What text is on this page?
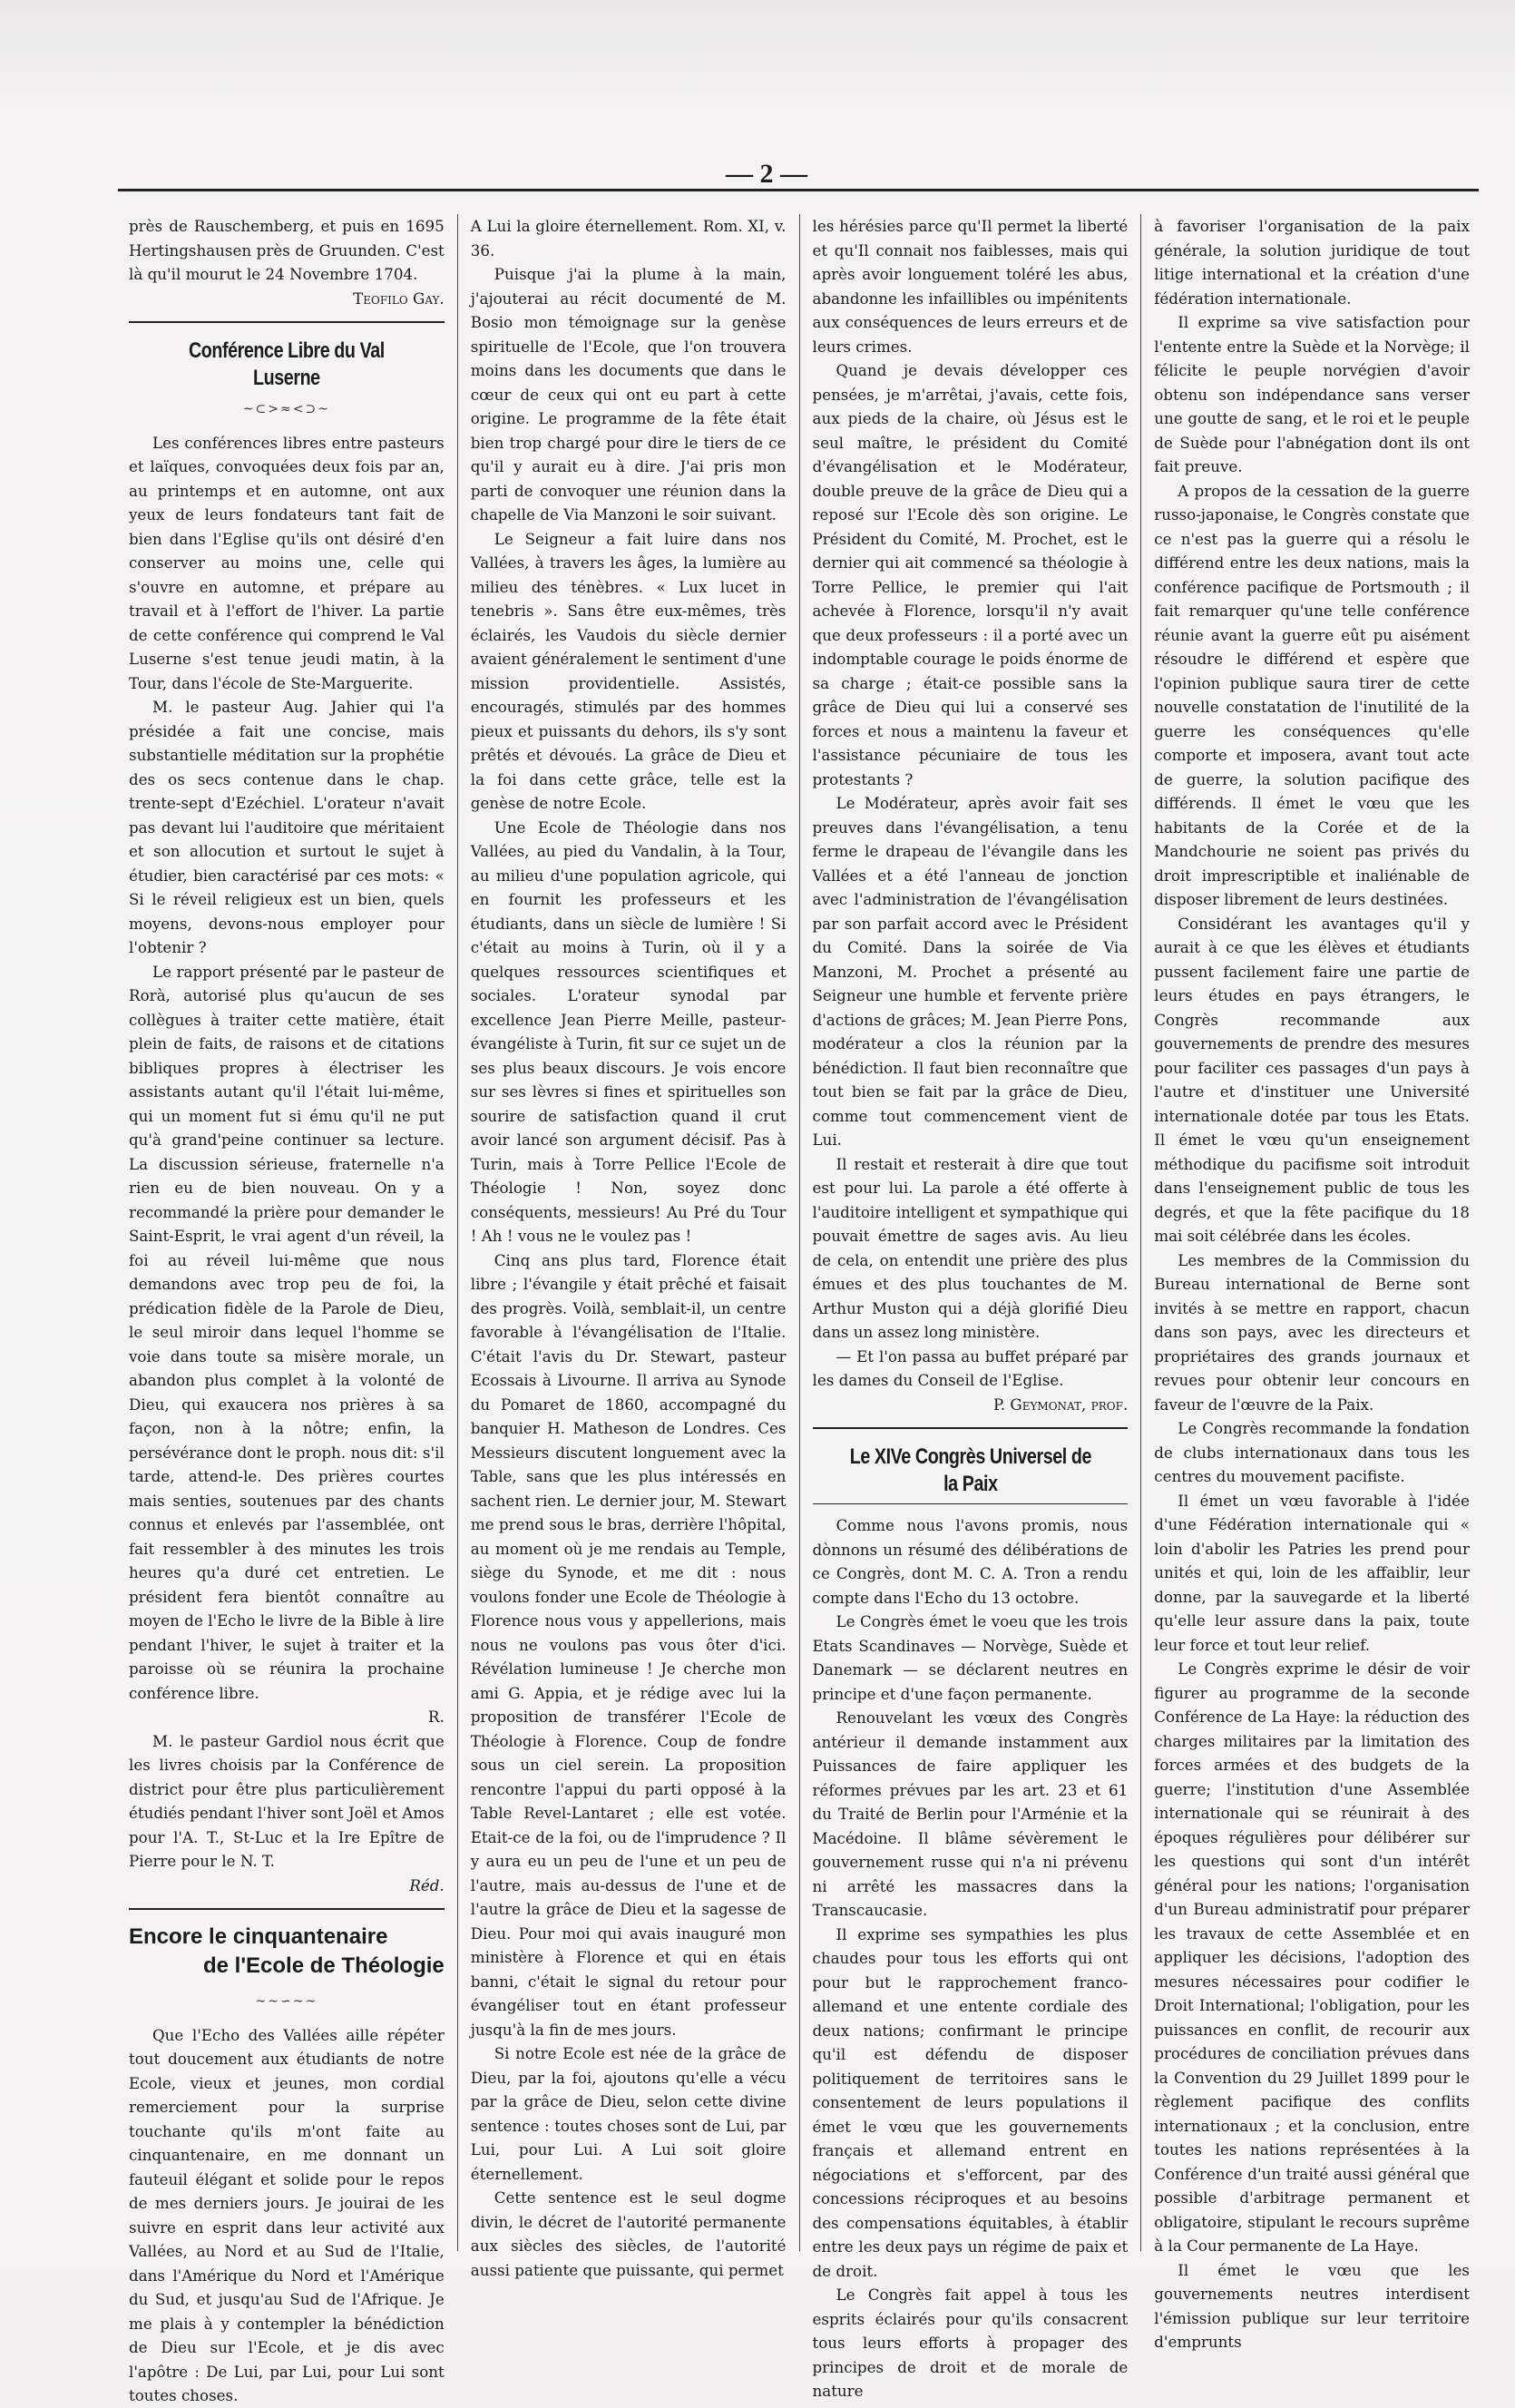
— 2 —

près de Rauschemberg, et puis en 1695 Hertingshausen près de Gruunden. C'est là qu'il mourut le 24 Novembre 1704.

Teofilo Gay.

Conférence Libre du Val Luserne
~⊂>≈<⊃~

Les conférences libres entre pasteurs et laïques, convoquées deux fois par an, au printemps et en automne, ont aux yeux de leurs fondateurs tant fait de bien dans l'Eglise qu'ils ont désiré d'en conserver au moins une, celle qui s'ouvre en automne, et prépare au travail et à l'effort de l'hiver. La partie de cette conférence qui comprend le Val Luserne s'est tenue jeudi matin, à la Tour, dans l'école de Ste-Marguerite.

M. le pasteur Aug. Jahier qui l'a présidée a fait une concise, mais substantielle méditation sur la prophétie des os secs contenue dans le chap. trente-sept d'Ezéchiel. L'orateur n'avait pas devant lui l'auditoire que méritaient et son allocution et surtout le sujet à étudier, bien caractérisé par ces mots: « Si le réveil religieux est un bien, quels moyens, devons-nous employer pour l'obtenir ?

Le rapport présenté par le pasteur de Rorà, autorisé plus qu'aucun de ses collègues à traiter cette matière, était plein de faits, de raisons et de citations bibliques propres à électriser les assistants autant qu'il l'était lui-même, qui un moment fut si ému qu'il ne put qu'à grand'peine continuer sa lecture. La discussion sérieuse, fraternelle n'a rien eu de bien nouveau. On y a recommandé la prière pour demander le Saint-Esprit, le vrai agent d'un réveil, la foi au réveil lui-même que nous demandons avec trop peu de foi, la prédication fidèle de la Parole de Dieu, le seul miroir dans lequel l'homme se voie dans toute sa misère morale, un abandon plus complet à la volonté de Dieu, qui exaucera nos prières à sa façon, non à la nôtre; enfin, la persévérance dont le proph. nous dit: s'il tarde, attend-le. Des prières courtes mais senties, soutenues par des chants connus et enlevés par l'assemblée, ont fait ressembler à des minutes les trois heures qu'a duré cet entretien. Le président fera bientôt connaître au moyen de l'Echo le livre de la Bible à lire pendant l'hiver, le sujet à traiter et la paroisse où se réunira la prochaine conférence libre.

R.

M. le pasteur Gardiol nous écrit que les livres choisis par la Conférence de district pour être plus particulièrement étudiés pendant l'hiver sont Joël et Amos pour l'A. T., St-Luc et la Ire Epître de Pierre pour le N. T.

Réd.

Encore le cinquantenaire
de l'Ecole de Théologie
~~∽~~

Que l'Echo des Vallées aille répéter tout doucement aux étudiants de notre Ecole, vieux et jeunes, mon cordial remerciement pour la surprise touchante qu'ils m'ont faite au cinquantenaire, en me donnant un fauteuil élégant et solide pour le repos de mes derniers jours. Je jouirai de les suivre en esprit dans leur activité aux Vallées, au Nord et au Sud de l'Italie, dans l'Amérique du Nord et l'Amérique du Sud, et jusqu'au Sud de l'Afrique. Je me plais à y contempler la bénédiction de Dieu sur l'Ecole, et je dis avec l'apôtre : De Lui, par Lui, pour Lui sont toutes choses.

A Lui la gloire éternellement. Rom. XI, v. 36.

Puisque j'ai la plume à la main, j'ajouterai au récit documenté de M. Bosio mon témoignage sur la genèse spirituelle de l'Ecole, que l'on trouvera moins dans les documents que dans le cœur de ceux qui ont eu part à cette origine. Le programme de la fête était bien trop chargé pour dire le tiers de ce qu'il y aurait eu à dire. J'ai pris mon parti de convoquer une réunion dans la chapelle de Via Manzoni le soir suivant.

Le Seigneur a fait luire dans nos Vallées, à travers les âges, la lumière au milieu des ténèbres. « Lux lucet in tenebris ». Sans être eux-mêmes, très éclairés, les Vaudois du siècle dernier avaient généralement le sentiment d'une mission providentielle. Assistés, encouragés, stimulés par des hommes pieux et puissants du dehors, ils s'y sont prêtés et dévoués. La grâce de Dieu et la foi dans cette grâce, telle est la genèse de notre Ecole.

Une Ecole de Théologie dans nos Vallées, au pied du Vandalin, à la Tour, au milieu d'une population agricole, qui en fournit les professeurs et les étudiants, dans un siècle de lumière ! Si c'était au moins à Turin, où il y a quelques ressources scientifiques et sociales. L'orateur synodal par excellence Jean Pierre Meille, pasteur-évangéliste à Turin, fit sur ce sujet un de ses plus beaux discours. Je vois encore sur ses lèvres si fines et spirituelles son sourire de satisfaction quand il crut avoir lancé son argument décisif. Pas à Turin, mais à Torre Pellice l'Ecole de Théologie ! Non, soyez donc conséquents, messieurs! Au Pré du Tour ! Ah ! vous ne le voulez pas !

Cinq ans plus tard, Florence était libre ; l'évangile y était prêché et faisait des progrès. Voilà, semblait-il, un centre favorable à l'évangélisation de l'Italie. C'était l'avis du Dr. Stewart, pasteur Ecossais à Livourne. Il arriva au Synode du Pomaret de 1860, accompagné du banquier H. Matheson de Londres. Ces Messieurs discutent longuement avec la Table, sans que les plus intéressés en sachent rien. Le dernier jour, M. Stewart me prend sous le bras, derrière l'hôpital, au moment où je me rendais au Temple, siège du Synode, et me dit : nous voulons fonder une Ecole de Théologie à Florence nous vous y appellerions, mais nous ne voulons pas vous ôter d'ici. Révélation lumineuse ! Je cherche mon ami G. Appia, et je rédige avec lui la proposition de transférer l'Ecole de Théologie à Florence. Coup de fondre sous un ciel serein. La proposition rencontre l'appui du parti opposé à la Table Revel-Lantaret ; elle est votée. Etait-ce de la foi, ou de l'imprudence ? Il y aura eu un peu de l'une et un peu de l'autre, mais au-dessus de l'une et de l'autre la grâce de Dieu et la sagesse de Dieu. Pour moi qui avais inauguré mon ministère à Florence et qui en étais banni, c'était le signal du retour pour évangéliser tout en étant professeur jusqu'à la fin de mes jours.

Si notre Ecole est née de la grâce de Dieu, par la foi, ajoutons qu'elle a vécu par la grâce de Dieu, selon cette divine sentence : toutes choses sont de Lui, par Lui, pour Lui. A Lui soit gloire éternellement.

Cette sentence est le seul dogme divin, le décret de l'autorité permanente aux siècles des siècles, de l'autorité aussi patiente que puissante, qui permet

les hérésies parce qu'Il permet la liberté et qu'Il connait nos faiblesses, mais qui après avoir longuement toléré les abus, abandonne les infaillibles ou impénitents aux conséquences de leurs erreurs et de leurs crimes.

Quand je devais développer ces pensées, je m'arrêtai, j'avais, cette fois, aux pieds de la chaire, où Jésus est le seul maître, le président du Comité d'évangélisation et le Modérateur, double preuve de la grâce de Dieu qui a reposé sur l'Ecole dès son origine. Le Président du Comité, M. Prochet, est le dernier qui ait commencé sa théologie à Torre Pellice, le premier qui l'ait achevée à Florence, lorsqu'il n'y avait que deux professeurs : il a porté avec un indomptable courage le poids énorme de sa charge ; était-ce possible sans la grâce de Dieu qui lui a conservé ses forces et nous a maintenu la faveur et l'assistance pécuniaire de tous les protestants ?

Le Modérateur, après avoir fait ses preuves dans l'évangélisation, a tenu ferme le drapeau de l'évangile dans les Vallées et a été l'anneau de jonction avec l'administration de l'évangélisation par son parfait accord avec le Président du Comité. Dans la soirée de Via Manzoni, M. Prochet a présenté au Seigneur une humble et fervente prière d'actions de grâces; M. Jean Pierre Pons, modérateur a clos la réunion par la bénédiction. Il faut bien reconnaître que tout bien se fait par la grâce de Dieu, comme tout commencement vient de Lui.

Il restait et resterait à dire que tout est pour lui. La parole a été offerte à l'auditoire intelligent et sympathique qui pouvait émettre de sages avis. Au lieu de cela, on entendit une prière des plus émues et des plus touchantes de M. Arthur Muston qui a déjà glorifié Dieu dans un assez long ministère.

— Et l'on passa au buffet préparé par les dames du Conseil de l'Eglise.

P. Geymonat, prof.

Le XIVe Congrès Universel de la Paix

Comme nous l'avons promis, nous dònnons un résumé des délibérations de ce Congrès, dont M. C. A. Tron a rendu compte dans l'Echo du 13 octobre.

Le Congrès émet le voeu que les trois Etats Scandinaves — Norvège, Suède et Danemark — se déclarent neutres en principe et d'une façon permanente.

Renouvelant les vœux des Congrès antérieur il demande instamment aux Puissances de faire appliquer les réformes prévues par les art. 23 et 61 du Traité de Berlin pour l'Arménie et la Macédoine. Il blâme sévèrement le gouvernement russe qui n'a ni prévenu ni arrêté les massacres dans la Transcaucasie.

Il exprime ses sympathies les plus chaudes pour tous les efforts qui ont pour but le rapprochement franco-allemand et une entente cordiale des deux nations; confirmant le principe qu'il est défendu de disposer politiquement de territoires sans le consentement de leurs populations il émet le vœu que les gouvernements français et allemand entrent en négociations et s'efforcent, par des concessions réciproques et au besoins des compensations équitables, à établir entre les deux pays un régime de paix et de droit.

Le Congrès fait appel à tous les esprits éclairés pour qu'ils consacrent tous leurs efforts à propager des principes de droit et de morale de nature

à favoriser l'organisation de la paix générale, la solution juridique de tout litige international et la création d'une fédération internationale.

Il exprime sa vive satisfaction pour l'entente entre la Suède et la Norvège; il félicite le peuple norvégien d'avoir obtenu son indépendance sans verser une goutte de sang, et le roi et le peuple de Suède pour l'abnégation dont ils ont fait preuve.

A propos de la cessation de la guerre russo-japonaise, le Congrès constate que ce n'est pas la guerre qui a résolu le différend entre les deux nations, mais la conférence pacifique de Portsmouth ; il fait remarquer qu'une telle conférence réunie avant la guerre eût pu aisément résoudre le différend et espère que l'opinion publique saura tirer de cette nouvelle constatation de l'inutilité de la guerre les conséquences qu'elle comporte et imposera, avant tout acte de guerre, la solution pacifique des différends. Il émet le vœu que les habitants de la Corée et de la Mandchourie ne soient pas privés du droit imprescriptible et inaliénable de disposer librement de leurs destinées.

Considérant les avantages qu'il y aurait à ce que les élèves et étudiants pussent facilement faire une partie de leurs études en pays étrangers, le Congrès recommande aux gouvernements de prendre des mesures pour faciliter ces passages d'un pays à l'autre et d'instituer une Université internationale dotée par tous les Etats. Il émet le vœu qu'un enseignement méthodique du pacifisme soit introduit dans l'enseignement public de tous les degrés, et que la fête pacifique du 18 mai soit célébrée dans les écoles.

Les membres de la Commission du Bureau international de Berne sont invités à se mettre en rapport, chacun dans son pays, avec les directeurs et propriétaires des grands journaux et revues pour obtenir leur concours en faveur de l'œuvre de la Paix.

Le Congrès recommande la fondation de clubs internationaux dans tous les centres du mouvement pacifiste.

Il émet un vœu favorable à l'idée d'une Fédération internationale qui « loin d'abolir les Patries les prend pour unités et qui, loin de les affaiblir, leur donne, par la sauvegarde et la liberté qu'elle leur assure dans la paix, toute leur force et tout leur relief.

Le Congrès exprime le désir de voir figurer au programme de la seconde Conférence de La Haye: la réduction des charges militaires par la limitation des forces armées et des budgets de la guerre; l'institution d'une Assemblée internationale qui se réunirait à des époques régulières pour délibérer sur les questions qui sont d'un intérêt général pour les nations; l'organisation d'un Bureau administratif pour préparer les travaux de cette Assemblée et en appliquer les décisions, l'adoption des mesures nécessaires pour codifier le Droit International; l'obligation, pour les puissances en conflit, de recourir aux procédures de conciliation prévues dans la Convention du 29 Juillet 1899 pour le règlement pacifique des conflits internationaux ; et la conclusion, entre toutes les nations représentées à la Conférence d'un traité aussi général que possible d'arbitrage permanent et obligatoire, stipulant le recours suprême à la Cour permanente de La Haye.

Il émet le vœu que les gouvernements neutres interdisent l'émission publique sur leur territoire d'emprunts
